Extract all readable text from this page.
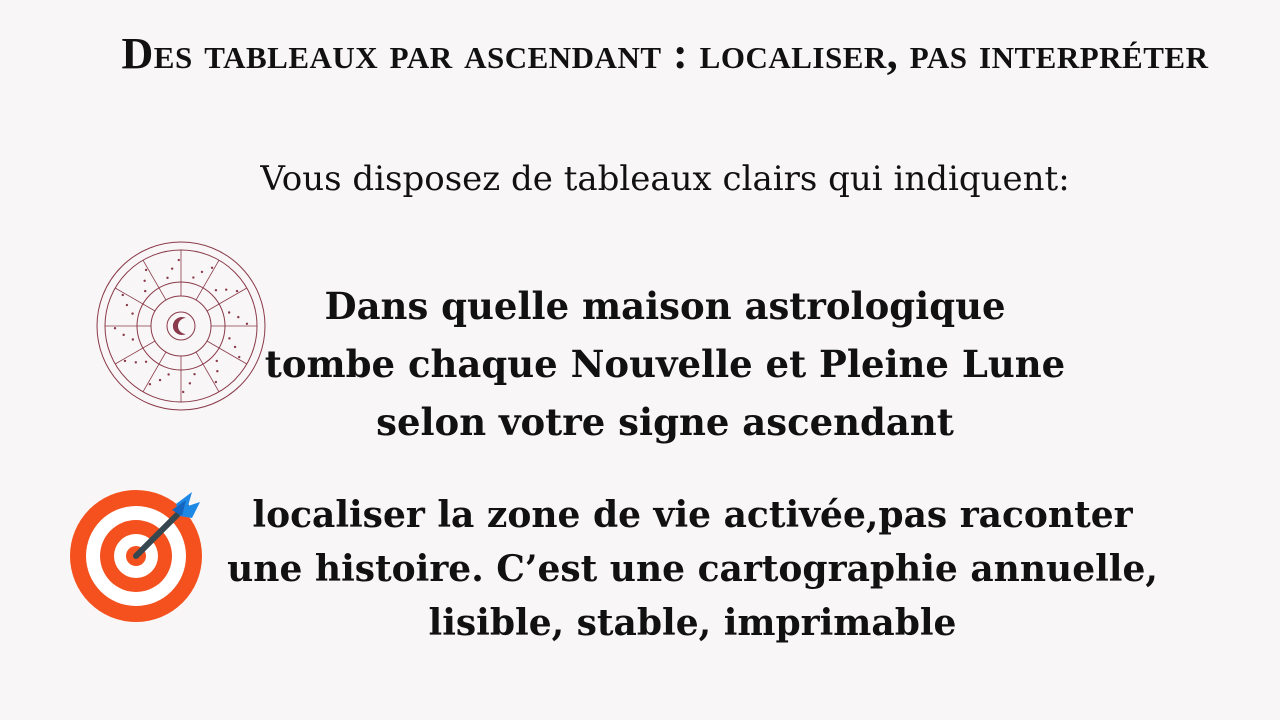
Des tableaux par ascendant : localiser, pas interpréter
Vous disposez de tableaux clairs qui indiquent:
Dans quelle maison astrologique tombe chaque Nouvelle et Pleine Lune selon votre signe ascendant
localiser la zone de vie activée,pas raconter une histoire. C’est une cartographie annuelle, lisible, stable, imprimable
